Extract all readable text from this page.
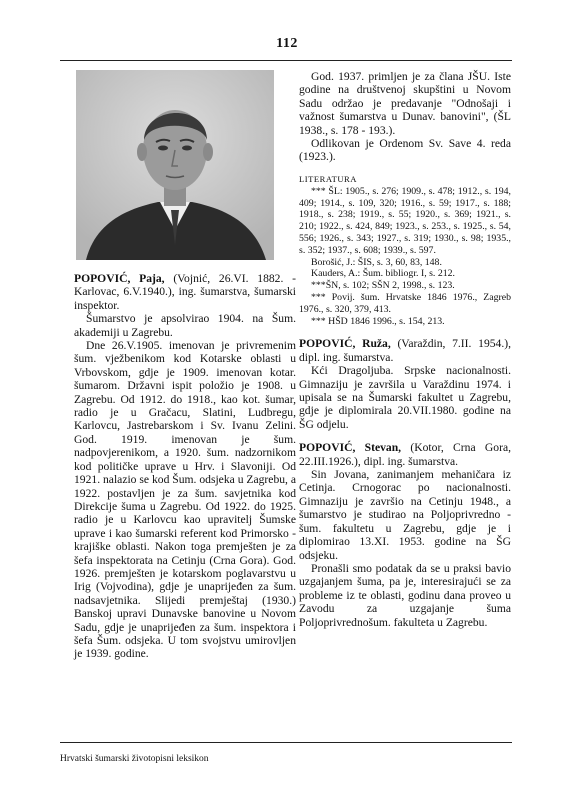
112

POPOVIĆ, Paja, (Vojnić, 26.VI. 1882. - Karlovac, 6.V.1940.), ing. šumarstva, šumarski inspektor.

Šumarstvo je apsolvirao 1904. na Šum. akademiji u Zagrebu.

Dne 26.V.1905. imenovan je privremenim šum. vježbenikom kod Kotarske oblasti u Vrbovskom, gdje je 1909. imenovan kotar. šumarom. Državni ispit položio je 1908. u Zagrebu. Od 1912. do 1918., kao kot. šumar, radio je u Gračacu, Slatini, Ludbregu, Karlovcu, Jastrebarskom i Sv. Ivanu Zelini. God. 1919. imenovan je šum. nadpovjerenikom, a 1920. šum. nadzornikom kod političke uprave u Hrv. i Slavoniji. Od 1921. nalazio se kod Šum. odsjeka u Zagrebu, a 1922. postavljen je za šum. savjetnika kod Direkcije šuma u Zagrebu. Od 1922. do 1925. radio je u Karlovcu kao upravitelj Šumske uprave i kao šumarski referent kod Primorsko - krajiške oblasti. Nakon toga premješten je za šefa inspektorata na Cetinju (Crna Gora). God. 1926. premješten je kotarskom poglavarstvu u Irig (Vojvodina), gdje je unaprijeđen za šum. nadsavjetnika. Slijedi premještaj (1930.) Banskoj upravi Dunavske banovine u Novom Sadu, gdje je unaprijeđen za šum. inspektora i šefa Šum. odsjeka. U tom svojstvu umirovljen je 1939. godine.

God. 1937. primljen je za člana JŠU. Iste godine na društvenoj skupštini u Novom Sadu održao je predavanje "Odnošaji i važnost šumarstva u Dunav. banovini", (ŠL 1938., s. 178 - 193.).

Odlikovan je Ordenom Sv. Save 4. reda (1923.).

LITERATURA
*** ŠL: 1905., s. 276; 1909., s. 478; 1912., s. 194, 409; 1914., s. 109, 320; 1916., s. 59; 1917., s. 188; 1918., s. 238; 1919., s. 55; 1920., s. 369; 1921., s. 210; 1922., s. 424, 849; 1923., s. 253., s. 1925., s. 54, 556; 1926., s. 343; 1927., s. 319; 1930., s. 98; 1935., s. 352; 1937., s. 608; 1939., s. 597.
Borošić, J.: ŠIS, s. 3, 60, 83, 148.
Kauders, A.: Šum. bibliogr. I, s. 212.
***ŠN, s. 102; SŠN 2, 1998., s. 123.
*** Povij. šum. Hrvatske 1846 1976., Zagreb 1976., s. 320, 379, 413.
*** HŠD 1846 1996., s. 154, 213.

POPOVIĆ, Ruža, (Varaždin, 7.II. 1954.), dipl. ing. šumarstva.

Kći Dragoljuba. Srpske nacionalnosti. Gimnaziju je završila u Varaždinu 1974. i upisala se na Šumarski fakultet u Zagrebu, gdje je diplomirala 20.VII.1980. godine na ŠG odjelu.

POPOVIĆ, Stevan, (Kotor, Crna Gora, 22.III.1926.), dipl. ing. šumarstva.

Sin Jovana, zanimanjem mehaničara iz Cetinja. Crnogorac po nacionalnosti. Gimnaziju je završio na Cetinju 1948., a šumarstvo je studirao na Poljoprivredno - šum. fakultetu u Zagrebu, gdje je i diplomirao 13.XI. 1953. godine na ŠG odsjeku.

Pronašli smo podatak da se u praksi bavio uzgajanjem šuma, pa je, interesirajući se za probleme iz te oblasti, godinu dana proveo u Zavodu za uzgajanje šuma Poljoprivrednošum. fakulteta u Zagrebu.

Hrvatski šumarski životopisni leksikon
